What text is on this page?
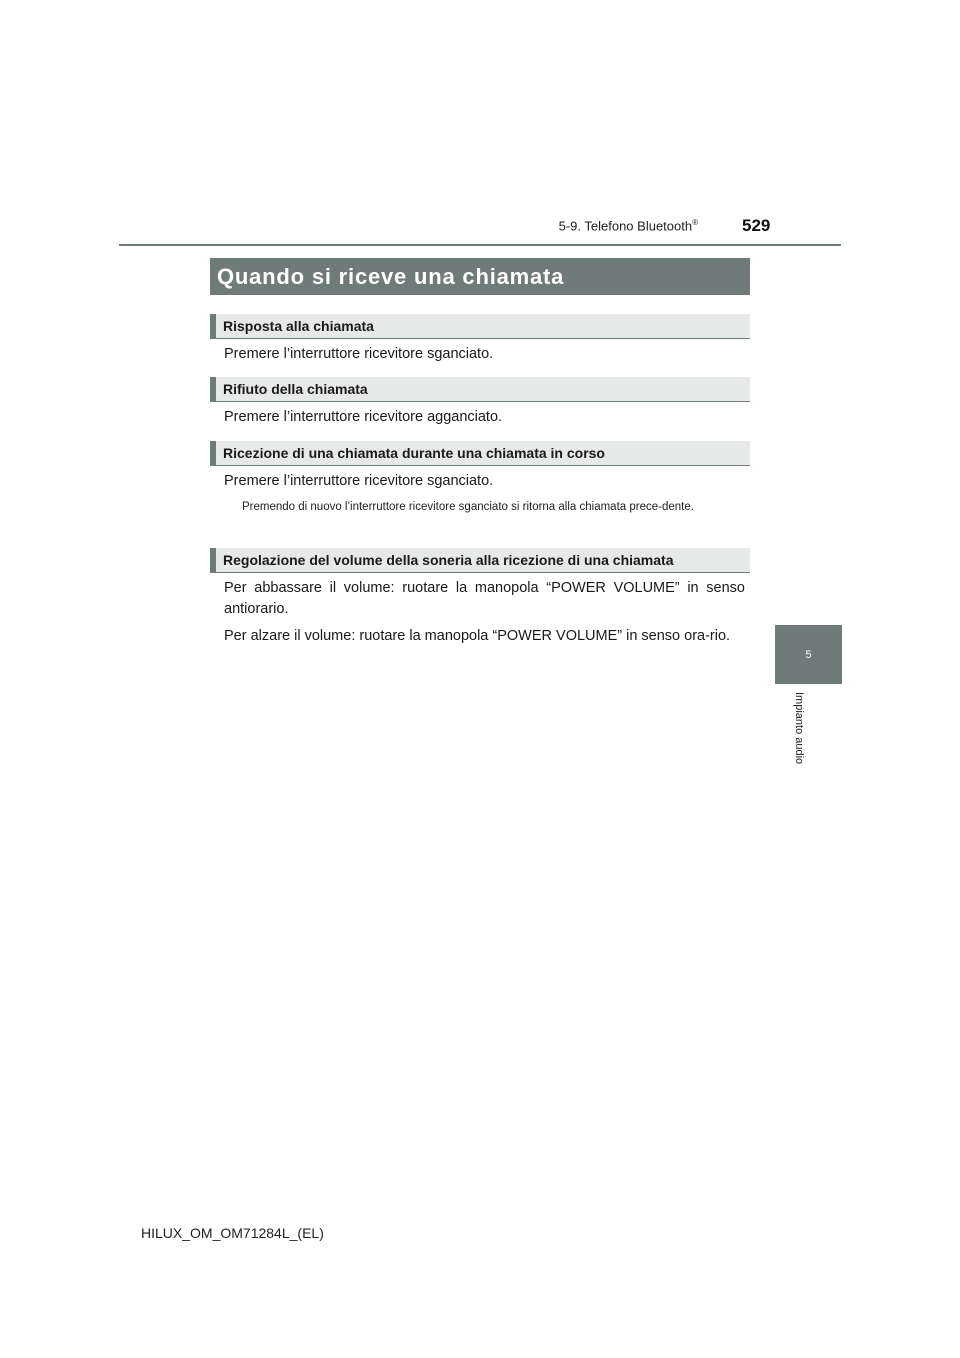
5-9. Telefono Bluetooth®	529
5
Impianto audio
Quando si riceve una chiamata
Risposta alla chiamata

Premere l’interruttore ricevitore sganciato.

Rifiuto della chiamata

Premere l’interruttore ricevitore agganciato.

Ricezione di una chiamata durante una chiamata in corso

Premere l’interruttore ricevitore sganciato.

Premendo di nuovo l’interruttore ricevitore sganciato si ritorna alla chiamata prece-dente.

Regolazione del volume della soneria alla ricezione di una chiamata

Per abbassare il volume: ruotare la manopola “POWER VOLUME” in senso antiorario.

Per alzare il volume: ruotare la manopola “POWER VOLUME” in senso ora-rio.

HILUX_OM_OM71284L_(EL)
